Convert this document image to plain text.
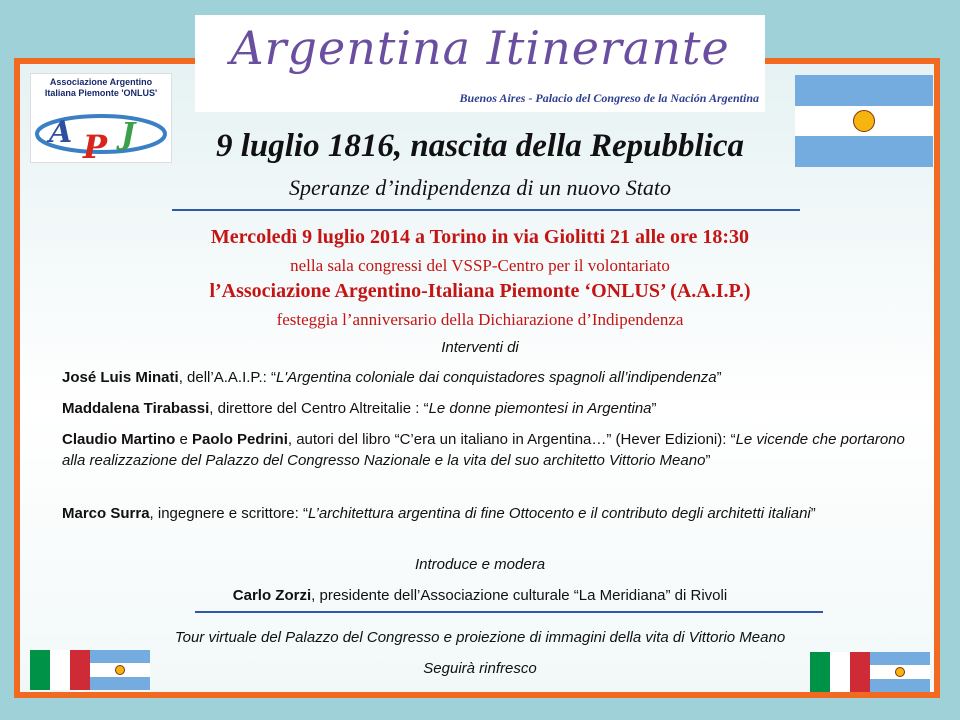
Argentina Itinerante
Buenos Aires - Palacio del Congreso de la Nación Argentina
Associazione Argentino
Italiana Piemonte 'ONLUS'
A P J	9 luglio 1816, nascita della Repubblica
Speranze d’indipendenza di un nuovo Stato
Mercoledì 9 luglio 2014 a Torino in via Giolitti 21 alle ore 18:30
nella sala congressi del VSSP-Centro per il volontariato
l’Associazione Argentino-Italiana Piemonte ‘ONLUS’ (A.A.I.P.)
festeggia l’anniversario della Dichiarazione d’Indipendenza
Interventi di
José Luis Minati, dell’A.A.I.P.: “L'Argentina coloniale dai conquistadores spagnoli all’indipendenza”
Maddalena Tirabassi, direttore del Centro Altreitalie : “Le donne piemontesi in Argentina”
Claudio Martino e Paolo Pedrini, autori del libro “C’era un italiano in Argentina…” (Hever Edizioni): “Le vicende che portarono alla realizzazione del Palazzo del Congresso Nazionale e la vita del suo architetto Vittorio Meano”
Marco Surra, ingegnere e scrittore: “L’architettura argentina di fine Ottocento e il contributo degli architetti italiani”
Introduce e modera
Carlo Zorzi, presidente dell’Associazione culturale “La Meridiana” di Rivoli
Tour virtuale del Palazzo del Congresso e proiezione di immagini della vita di Vittorio Meano
Seguirà rinfresco
